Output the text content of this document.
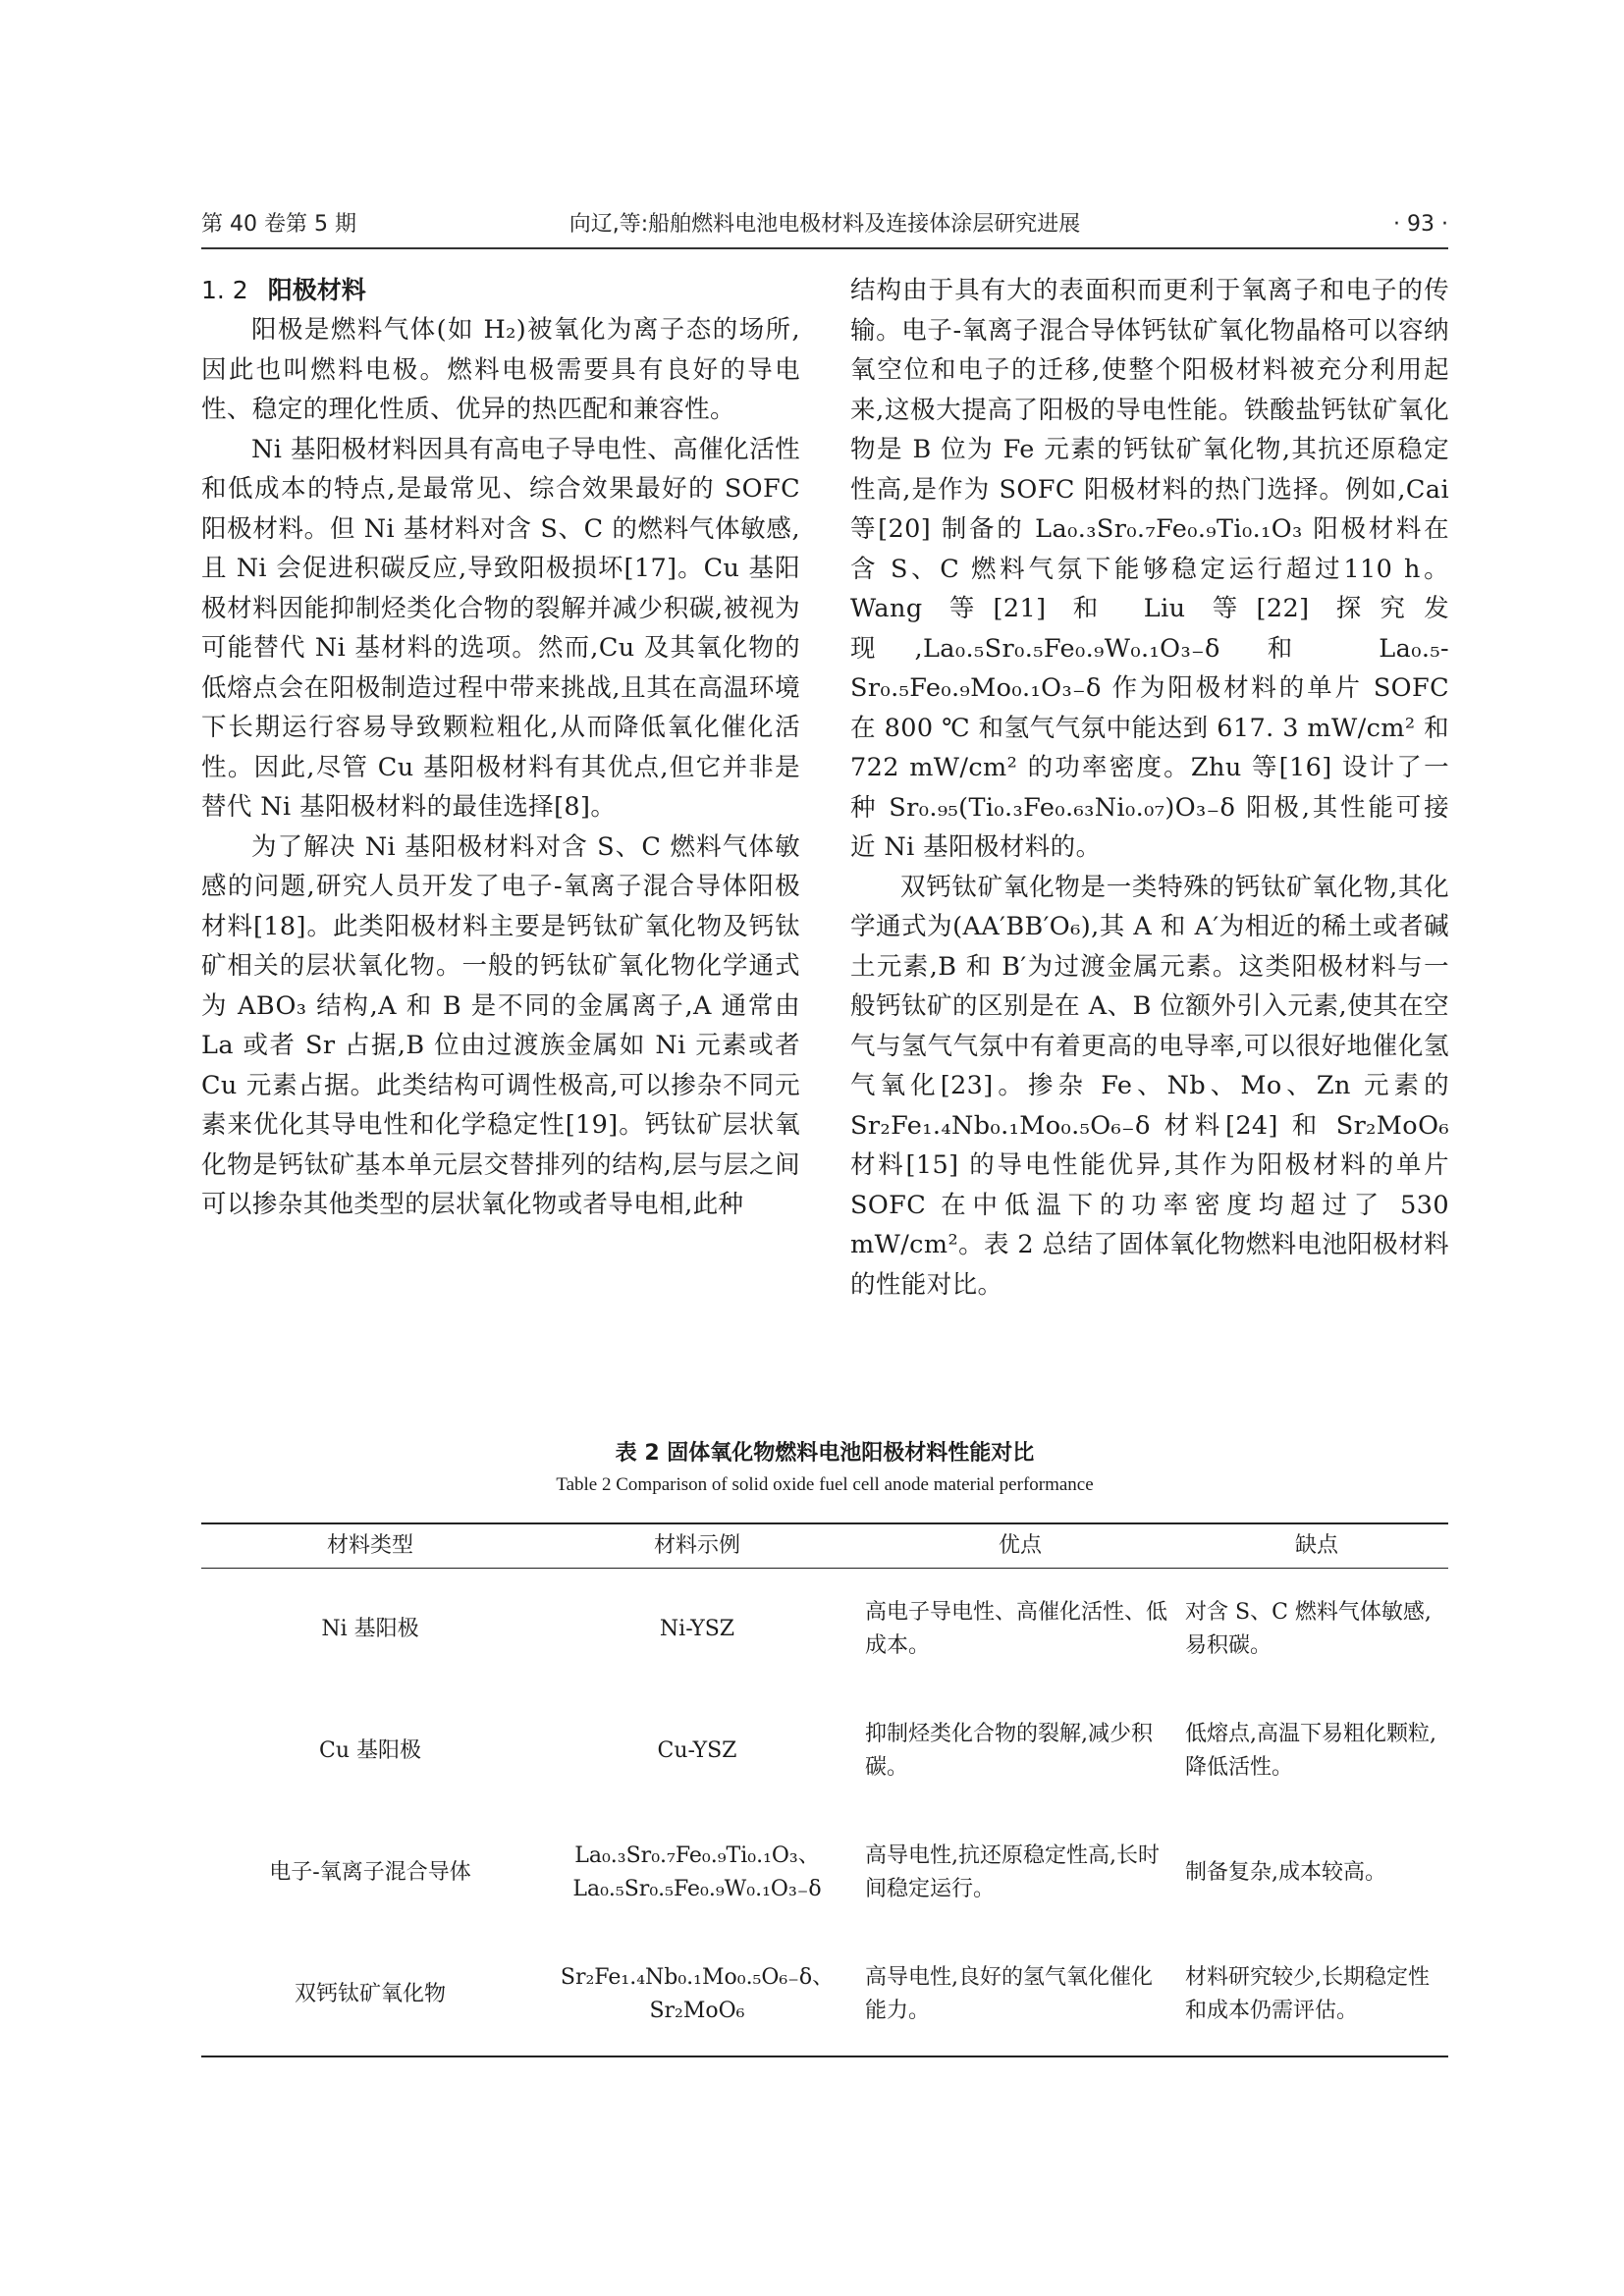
第 40 卷第 5 期	向辽,等:船舶燃料电池电极材料及连接体涂层研究进展	· 93 ·
1. 2 阳极材料

阳极是燃料气体(如 H₂)被氧化为离子态的场所,因此也叫燃料电极。燃料电极需要具有良好的导电性、稳定的理化性质、优异的热匹配和兼容性。

Ni 基阳极材料因具有高电子导电性、高催化活性和低成本的特点,是最常见、综合效果最好的 SOFC 阳极材料。但 Ni 基材料对含 S、C 的燃料气体敏感,且 Ni 会促进积碳反应,导致阳极损坏[17]。Cu 基阳极材料因能抑制烃类化合物的裂解并减少积碳,被视为可能替代 Ni 基材料的选项。然而,Cu 及其氧化物的低熔点会在阳极制造过程中带来挑战,且其在高温环境下长期运行容易导致颗粒粗化,从而降低氧化催化活性。因此,尽管 Cu 基阳极材料有其优点,但它并非是替代 Ni 基阳极材料的最佳选择[8]。

为了解决 Ni 基阳极材料对含 S、C 燃料气体敏感的问题,研究人员开发了电子-氧离子混合导体阳极材料[18]。此类阳极材料主要是钙钛矿氧化物及钙钛矿相关的层状氧化物。一般的钙钛矿氧化物化学通式为 ABO₃ 结构,A 和 B 是不同的金属离子,A 通常由 La 或者 Sr 占据,B 位由过渡族金属如 Ni 元素或者 Cu 元素占据。此类结构可调性极高,可以掺杂不同元素来优化其导电性和化学稳定性[19]。钙钛矿层状氧化物是钙钛矿基本单元层交替排列的结构,层与层之间可以掺杂其他类型的层状氧化物或者导电相,此种

结构由于具有大的表面积而更利于氧离子和电子的传输。电子-氧离子混合导体钙钛矿氧化物晶格可以容纳氧空位和电子的迁移,使整个阳极材料被充分利用起来,这极大提高了阳极的导电性能。铁酸盐钙钛矿氧化物是 B 位为 Fe 元素的钙钛矿氧化物,其抗还原稳定性高,是作为 SOFC 阳极材料的热门选择。例如,Cai 等[20] 制备的 La₀.₃Sr₀.₇Fe₀.₉Ti₀.₁O₃ 阳极材料在含 S、C 燃料气氛下能够稳定运行超过110 h。Wang 等[21] 和 Liu 等[22] 探究发现,La₀.₅Sr₀.₅Fe₀.₉W₀.₁O₃₋δ 和 La₀.₅-Sr₀.₅Fe₀.₉Mo₀.₁O₃₋δ 作为阳极材料的单片 SOFC 在 800 ℃ 和氢气气氛中能达到 617. 3 mW/cm² 和 722 mW/cm² 的功率密度。Zhu 等[16] 设计了一种 Sr₀.₉₅(Ti₀.₃Fe₀.₆₃Ni₀.₀₇)O₃₋δ 阳极,其性能可接近 Ni 基阳极材料的。

双钙钛矿氧化物是一类特殊的钙钛矿氧化物,其化学通式为(AA′BB′O₆),其 A 和 A′为相近的稀土或者碱土元素,B 和 B′为过渡金属元素。这类阳极材料与一般钙钛矿的区别是在 A、B 位额外引入元素,使其在空气与氢气气氛中有着更高的电导率,可以很好地催化氢气氧化[23]。掺杂 Fe、Nb、Mo、Zn 元素的 Sr₂Fe₁.₄Nb₀.₁Mo₀.₅O₆₋δ 材料[24] 和 Sr₂MoO₆ 材料[15] 的导电性能优异,其作为阳极材料的单片 SOFC 在中低温下的功率密度均超过了 530 mW/cm²。表 2 总结了固体氧化物燃料电池阳极材料的性能对比。

表 2 固体氧化物燃料电池阳极材料性能对比
Table 2 Comparison of solid oxide fuel cell anode material performance
材料类型	材料示例	优点	缺点
Ni 基阳极	Ni-YSZ	高电子导电性、高催化活性、低成本。	对含 S、C 燃料气体敏感,易积碳。
Cu 基阳极	Cu-YSZ	抑制烃类化合物的裂解,减少积碳。	低熔点,高温下易粗化颗粒,降低活性。
电子-氧离子混合导体	La₀.₃Sr₀.₇Fe₀.₉Ti₀.₁O₃、La₀.₅Sr₀.₅Fe₀.₉W₀.₁O₃₋δ	高导电性,抗还原稳定性高,长时间稳定运行。	制备复杂,成本较高。
双钙钛矿氧化物	Sr₂Fe₁.₄Nb₀.₁Mo₀.₅O₆₋δ、Sr₂MoO₆	高导电性,良好的氢气氧化催化能力。	材料研究较少,长期稳定性和成本仍需评估。
